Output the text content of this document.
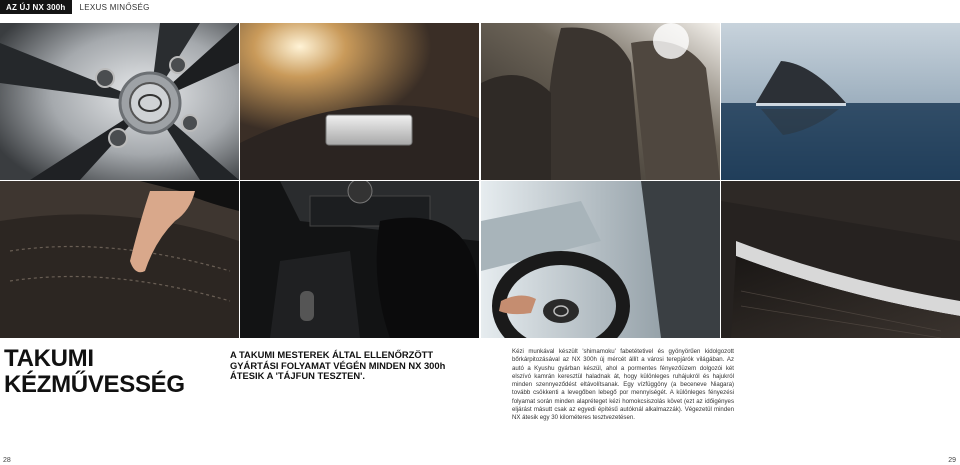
AZ ÚJ NX 300h	LEXUS MINŐSÉG
TAKUMI
KÉZMŰVESSÉG
A TAKUMI MESTEREK ÁLTAL ELLENŐRZÖTT GYÁRTÁSI FOLYAMAT VÉGÉN MINDEN NX 300h ÁTESIK A 'TÁJFUN TESZTEN'.
Kézi munkával készült 'shimamoku' fabetétetivel és gyönyörűen kidolgozott bőrkárpitozásával az NX 300h új mércét állít a városi terepjárók világában. Az autó a Kyushu gyárban készül, ahol a pormentes fényezőüzem dolgozói két elszívó kamrán keresztül haladnak át, hogy különleges ruhájukról és hajukról minden szennyeződést eltávolítsanak. Egy vízfüggöny (a beceneve Niagara) tovább csökkenti a levegőben lebegő por mennyiségét. A különleges fényezési folyamat során minden alapréteget kézi homokcsiszolás követ (ezt az időigényes eljárást másutt csak az egyedi építésű autóknál alkalmazzák). Végezetül minden NX átesik egy 30 kilométeres tesztvezetésen.
28	29
